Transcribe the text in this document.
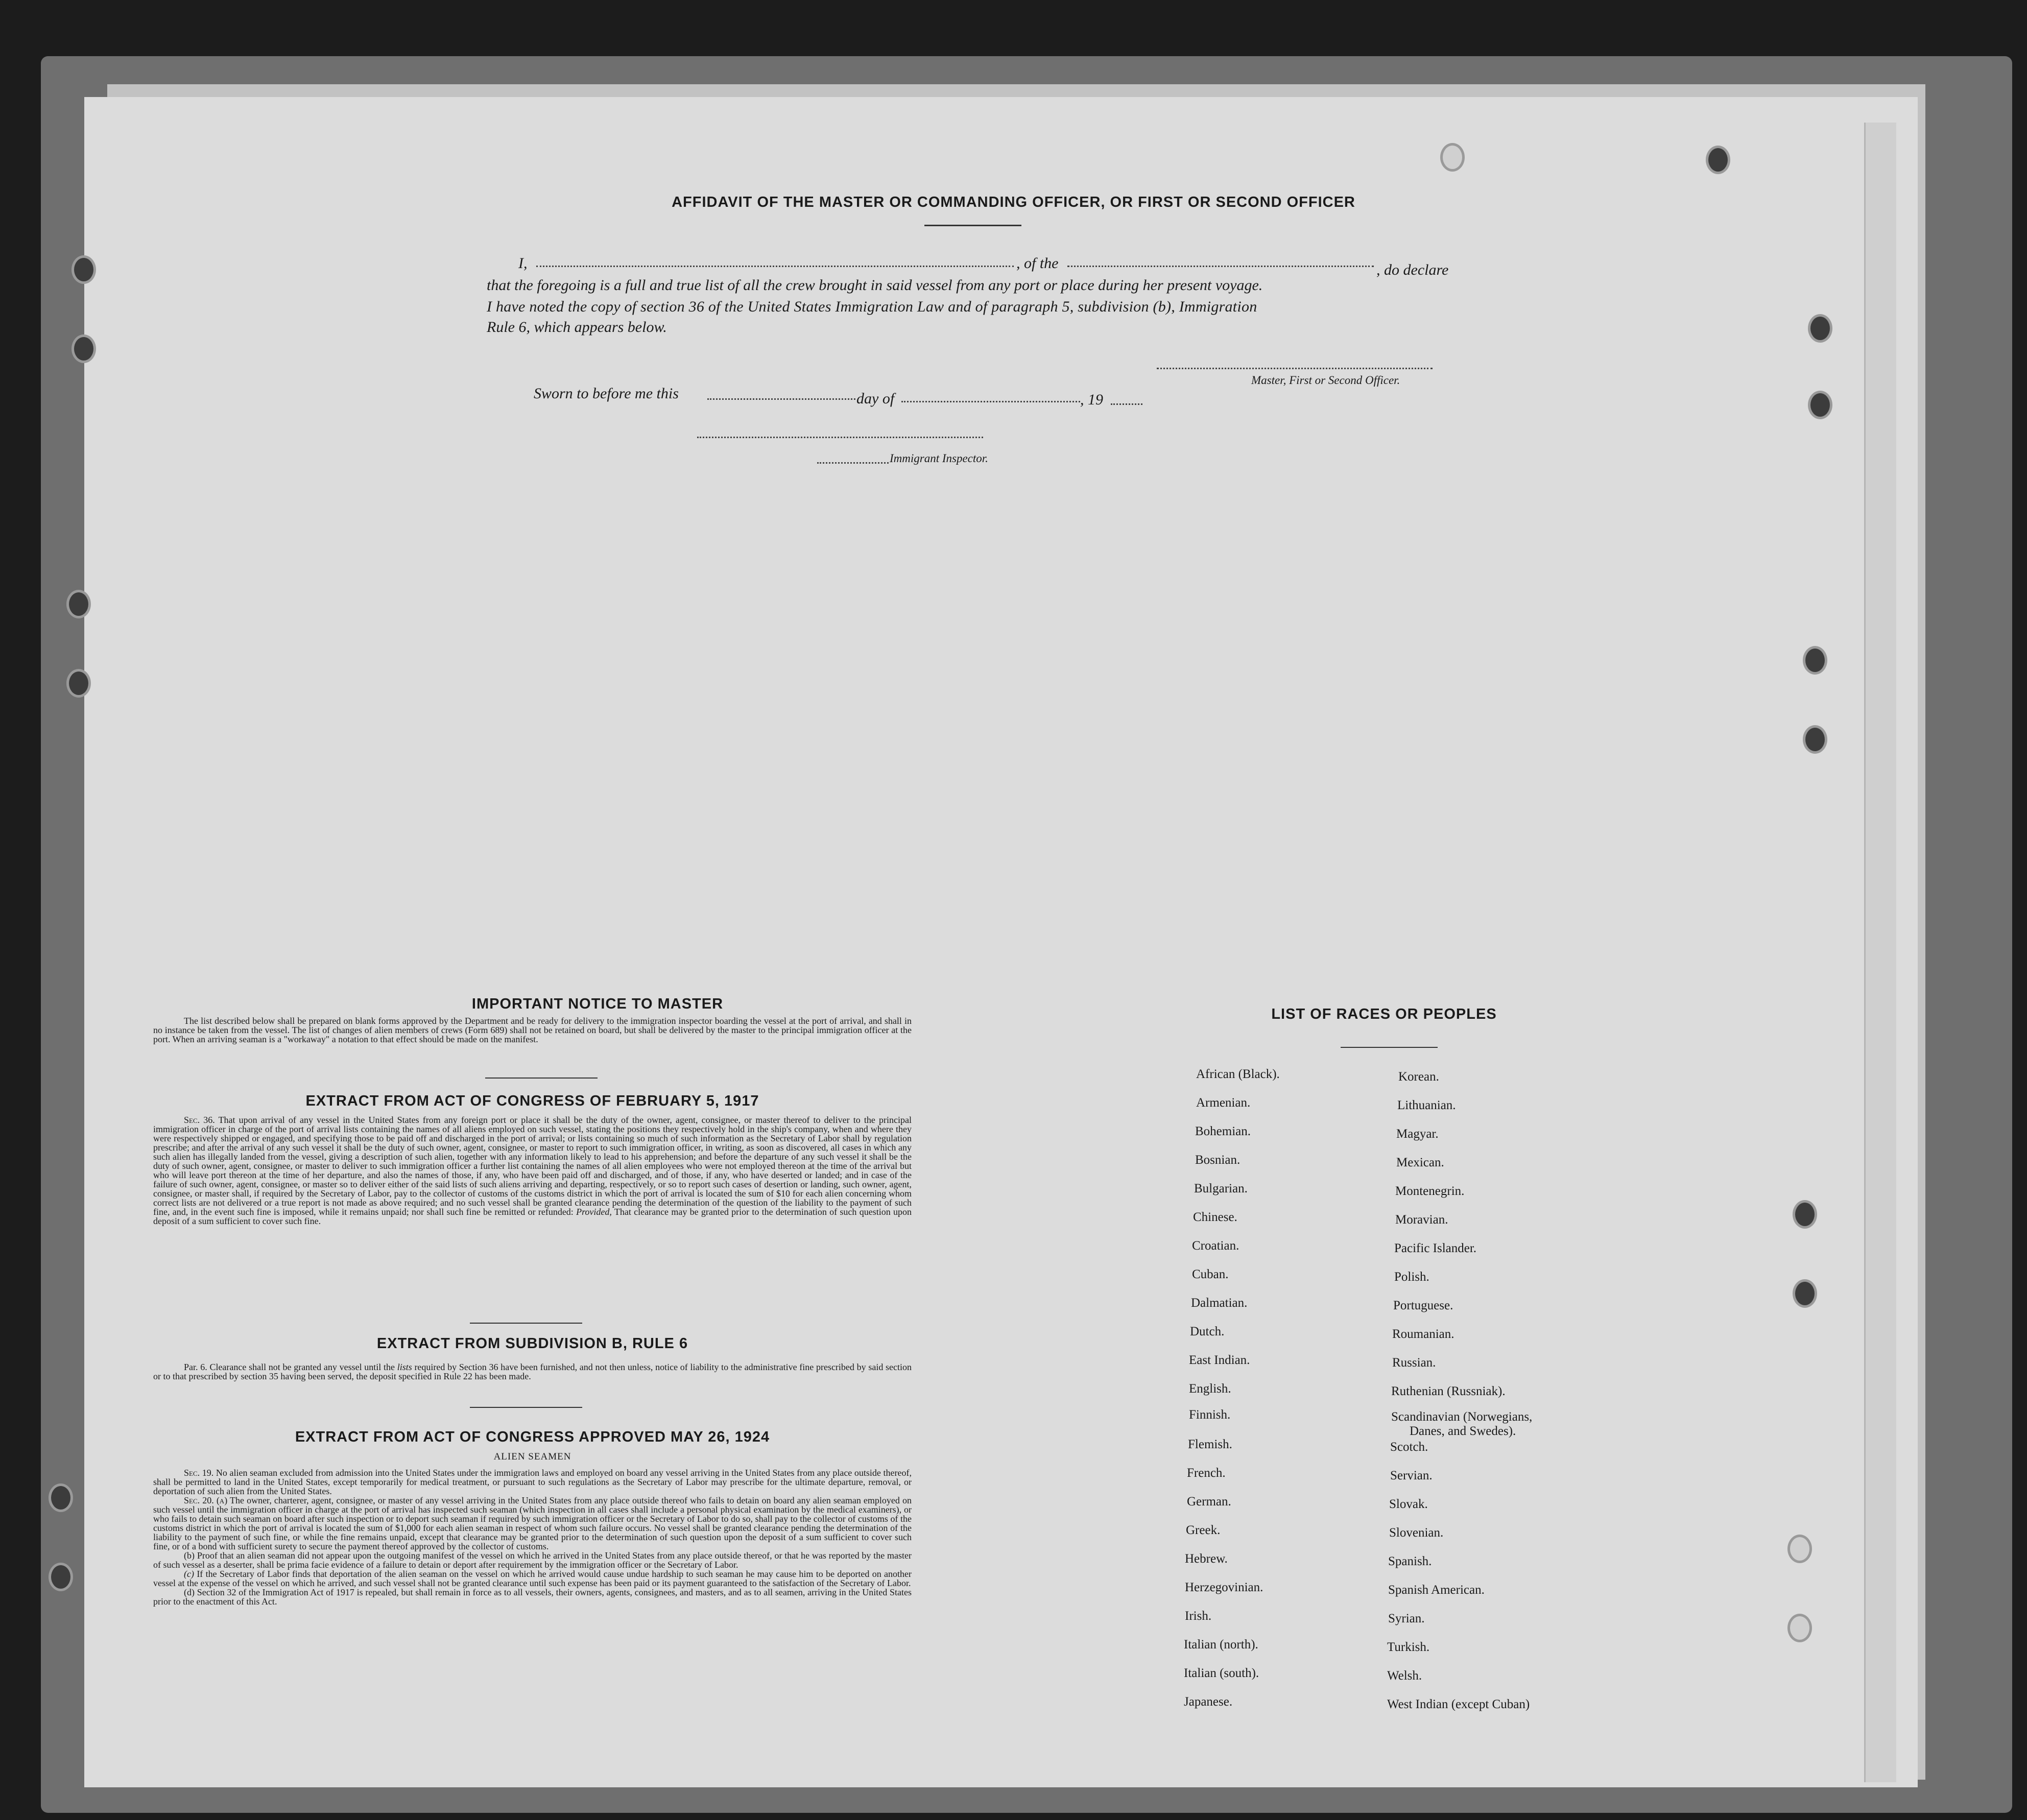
AFFIDAVIT OF THE MASTER OR COMMANDING OFFICER, OR FIRST OR SECOND OFFICER
I,	, of the	, do declare
that the foregoing is a full and true list of all the crew brought in said vessel from any port or place during her present voyage.
I have noted the copy of section 36 of the United States Immigration Law and of paragraph 5, subdivision (b), Immigration
Rule 6, which appears below.
Master, First or Second Officer.
Sworn to before me this	day of	, 19
Immigrant Inspector.
IMPORTANT NOTICE TO MASTER
The list described below shall be prepared on blank forms approved by the Department and be ready for delivery to the immigration inspector boarding the vessel at the port of arrival, and shall in no instance be taken from the vessel. The list of changes of alien members of crews (Form 689) shall not be retained on board, but shall be delivered by the master to the principal immigration officer at the port. When an arriving seaman is a "workaway" a notation to that effect should be made on the manifest.
EXTRACT FROM ACT OF CONGRESS OF FEBRUARY 5, 1917

Sec. 36. That upon arrival of any vessel in the United States from any foreign port or place it shall be the duty of the owner, agent, consignee, or master thereof to deliver to the principal immigration officer in charge of the port of arrival lists containing the names of all aliens employed on such vessel, stating the positions they respectively hold in the ship's company, when and where they were respectively shipped or engaged, and specifying those to be paid off and discharged in the port of arrival; or lists containing so much of such information as the Secretary of Labor shall by regulation prescribe; and after the arrival of any such vessel it shall be the duty of such owner, agent, consignee, or master to report to such immigration officer, in writing, as soon as discovered, all cases in which any such alien has illegally landed from the vessel, giving a description of such alien, together with any information likely to lead to his apprehension; and before the departure of any such vessel it shall be the duty of such owner, agent, consignee, or master to deliver to such immigration officer a further list containing the names of all alien employees who were not employed thereon at the time of the arrival but who will leave port thereon at the time of her departure, and also the names of those, if any, who have been paid off and discharged, and of those, if any, who have deserted or landed; and in case of the failure of such owner, agent, consignee, or master so to deliver either of the said lists of such aliens arriving and departing, respectively, or so to report such cases of desertion or landing, such owner, agent, consignee, or master shall, if required by the Secretary of Labor, pay to the collector of customs of the customs district in which the port of arrival is located the sum of $10 for each alien concerning whom correct lists are not delivered or a true report is not made as above required; and no such vessel shall be granted clearance pending the determination of the question of the liability to the payment of such fine, and, in the event such fine is imposed, while it remains unpaid; nor shall such fine be remitted or refunded: Provided, That clearance may be granted prior to the determination of such question upon deposit of a sum sufficient to cover such fine.

EXTRACT FROM SUBDIVISION B, RULE 6

Par. 6. Clearance shall not be granted any vessel until the lists required by Section 36 have been furnished, and not then unless, notice of liability to the administrative fine prescribed by said section or to that prescribed by section 35 having been served, the deposit specified in Rule 22 has been made.

EXTRACT FROM ACT OF CONGRESS APPROVED MAY 26, 1924
ALIEN SEAMEN

Sec. 19. No alien seaman excluded from admission into the United States under the immigration laws and employed on board any vessel arriving in the United States from any place outside thereof, shall be permitted to land in the United States, except temporarily for medical treatment, or pursuant to such regulations as the Secretary of Labor may prescribe for the ultimate departure, removal, or deportation of such alien from the United States.

Sec. 20. (a) The owner, charterer, agent, consignee, or master of any vessel arriving in the United States from any place outside thereof who fails to detain on board any alien seaman employed on such vessel until the immigration officer in charge at the port of arrival has inspected such seaman (which inspection in all cases shall include a personal physical examination by the medical examiners), or who fails to detain such seaman on board after such inspection or to deport such seaman if required by such immigration officer or the Secretary of Labor to do so, shall pay to the collector of customs of the customs district in which the port of arrival is located the sum of $1,000 for each alien seaman in respect of whom such failure occurs. No vessel shall be granted clearance pending the determination of the liability to the payment of such fine, or while the fine remains unpaid, except that clearance may be granted prior to the determination of such question upon the deposit of a sum sufficient to cover such fine, or of a bond with sufficient surety to secure the payment thereof approved by the collector of customs.

(b) Proof that an alien seaman did not appear upon the outgoing manifest of the vessel on which he arrived in the United States from any place outside thereof, or that he was reported by the master of such vessel as a deserter, shall be prima facie evidence of a failure to detain or deport after requirement by the immigration officer or the Secretary of Labor.

(c) If the Secretary of Labor finds that deportation of the alien seaman on the vessel on which he arrived would cause undue hardship to such seaman he may cause him to be deported on another vessel at the expense of the vessel on which he arrived, and such vessel shall not be granted clearance until such expense has been paid or its payment guaranteed to the satisfaction of the Secretary of Labor.

(d) Section 32 of the Immigration Act of 1917 is repealed, but shall remain in force as to all vessels, their owners, agents, consignees, and masters, and as to all seamen, arriving in the United States prior to the enactment of this Act.

LIST OF RACES OR PEOPLES
African (Black).
Armenian.
Bohemian.
Bosnian.
Bulgarian.
Chinese.
Croatian.
Cuban.
Dalmatian.
Dutch.
East Indian.
English.
Finnish.
Flemish.
French.
German.
Greek.
Hebrew.
Herzegovinian.
Irish.
Italian (north).
Italian (south).
Japanese.
Korean.
Lithuanian.
Magyar.
Mexican.
Montenegrin.
Moravian.
Pacific Islander.
Polish.
Portuguese.
Roumanian.
Russian.
Ruthenian (Russniak).
Scandinavian (Norwegians,
Danes, and Swedes).
Scotch.
Servian.
Slovak.
Slovenian.
Spanish.
Spanish American.
Syrian.
Turkish.
Welsh.
West Indian (except Cuban)
